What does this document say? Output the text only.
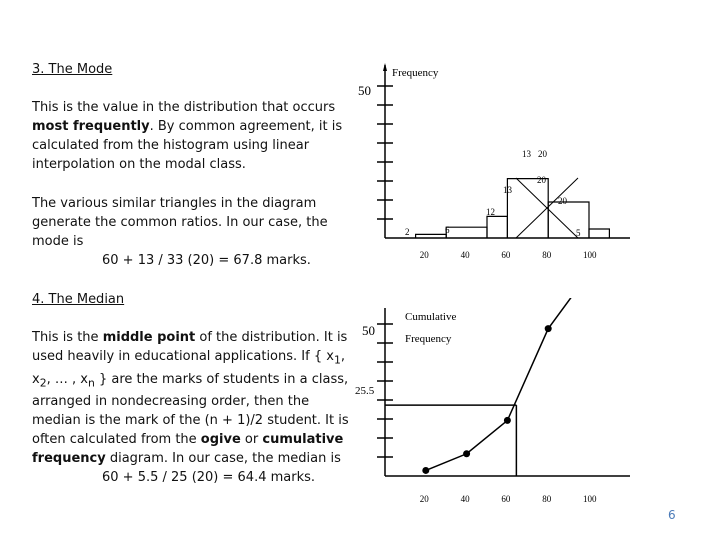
3. The Mode
This is the value in the distribution that occurs most frequently. By common agreement, it is calculated from the histogram using linear interpolation on the modal class.
The various similar triangles in the diagram generate the common ratios. In our case, the mode is
60 + 13 / 33 (20) = 67.8 marks.
4. The Median
This is the middle point of the distribution. It is used heavily in educational applications. If { $x_1$, $x_2$, … , $x_n$ } are the marks of students in a class, arranged in nondecreasing order, then the median is the mark of the (n + 1)/2 student. It is often calculated from the ogive or cumulative frequency diagram. In our case, the median is
60 + 5.5 / 25 (20) = 64.4 marks.
Frequency
50
20	40	60	80	100
2	6
12
20
5
13 20
13
20
50
25.5
Cumulative
Frequency
20	40	60	80	100
6
